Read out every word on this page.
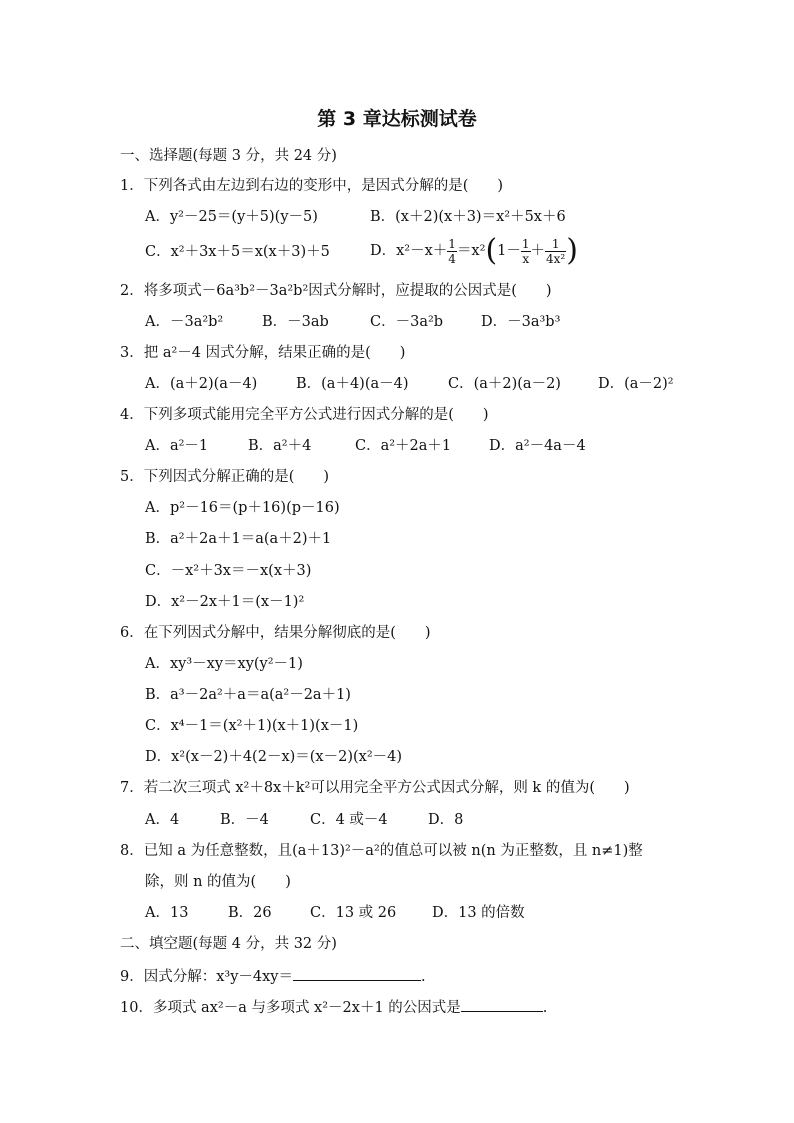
第 3 章达标测试卷
一、选择题(每题 3 分，共 24 分)
1．下列各式由左边到右边的变形中，是因式分解的是(　　)
A．y²－25＝(y＋5)(y－5)	B．(x＋2)(x＋3)＝x²＋5x＋6
C．x²＋3x＋5＝x(x＋3)＋5	D．$x^2-x+ \frac{1}{4} =x^2(1- \frac{1}{x} + \frac{1}{\text{4x²}}$ )
2．将多项式－6a³b²－3a²b²因式分解时，应提取的公因式是(　　)
A．－3a²b²	B．－3ab	C．－3a²b	D．－3a³b³
3．把 a²－4 因式分解，结果正确的是(　　)
A．(a＋2)(a－4)	B．(a＋4)(a－4)	C．(a＋2)(a－2)	D．(a－2)²
4．下列多项式能用完全平方公式进行因式分解的是(　　)
A．a²－1	B．a²＋4	C．a²＋2a＋1	D．a²－4a－4
5．下列因式分解正确的是(　　)
A．p²－16＝(p＋16)(p－16)
B．a²＋2a＋1＝a(a＋2)＋1
C．－x²＋3x＝－x(x＋3)
D．x²－2x＋1＝(x－1)²
6．在下列因式分解中，结果分解彻底的是(　　)
A．xy³－xy＝xy(y²－1)
B．a³－2a²＋a＝a(a²－2a＋1)
C．x⁴－1＝(x²＋1)(x＋1)(x－1)
D．x²(x－2)＋4(2－x)＝(x－2)(x²－4)
7．若二次三项式 x²＋8x＋k²可以用完全平方公式因式分解，则 k 的值为(　　)
A．4	B．－4	C．4 或－4	D．8
8．已知 a 为任意整数，且(a＋13)²－a²的值总可以被 n(n 为正整数，且 n≠1)整
除，则 n 的值为(　　)
A．13	B．26	C．13 或 26 D．13 的倍数
二、填空题(每题 4 分，共 32 分)
9．因式分解：x³y－4xy＝	.
10．多项式 ax²－a 与多项式 x²－2x＋1 的公因式是	.
